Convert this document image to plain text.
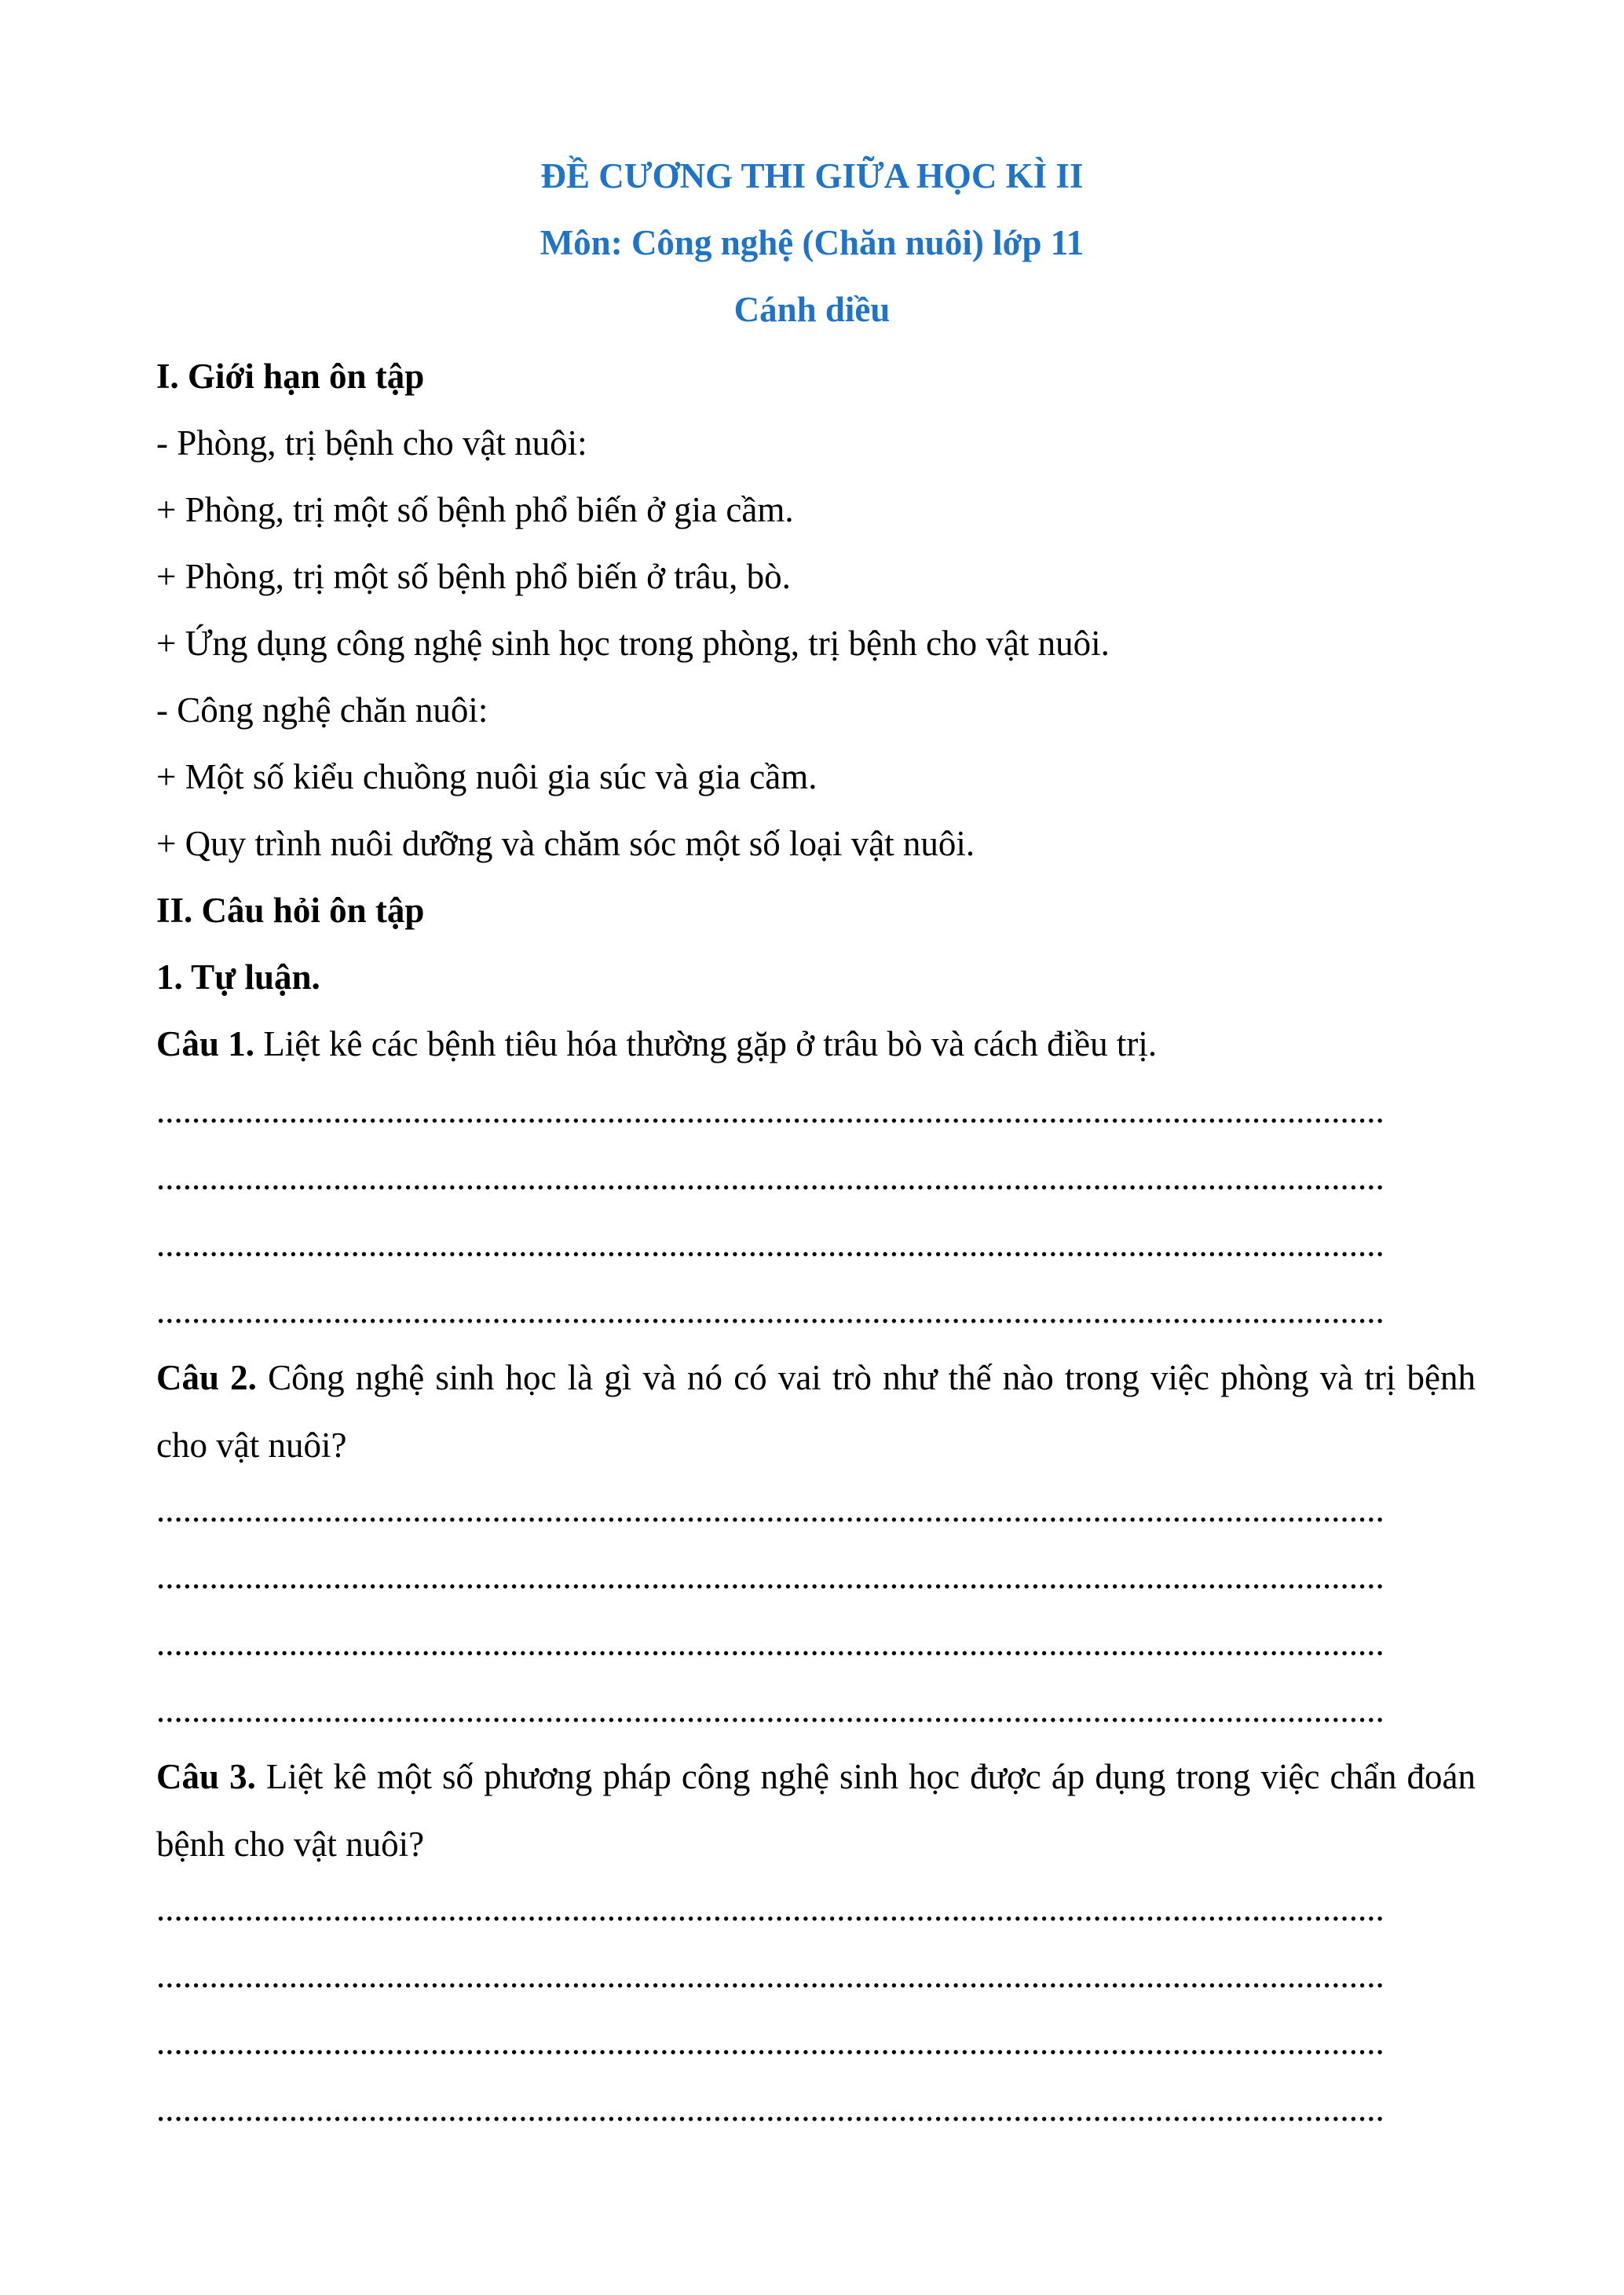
ĐỀ CƯƠNG THI GIỮA HỌC KÌ II
Môn: Công nghệ (Chăn nuôi) lớp 11
Cánh diều
I. Giới hạn ôn tập
- Phòng, trị bệnh cho vật nuôi:
+ Phòng, trị một số bệnh phổ biến ở gia cầm.
+ Phòng, trị một số bệnh phổ biến ở trâu, bò.
+ Ứng dụng công nghệ sinh học trong phòng, trị bệnh cho vật nuôi.
- Công nghệ chăn nuôi:
+ Một số kiểu chuồng nuôi gia súc và gia cầm.
+ Quy trình nuôi dưỡng và chăm sóc một số loại vật nuôi.
II. Câu hỏi ôn tập
1. Tự luận.
Câu 1. Liệt kê các bệnh tiêu hóa thường gặp ở trâu bò và cách điều trị.
...........................................................................................................................................
...........................................................................................................................................
...........................................................................................................................................
...........................................................................................................................................
Câu 2. Công nghệ sinh học là gì và nó có vai trò như thế nào trong việc phòng và trị bệnh cho vật nuôi?
...........................................................................................................................................
...........................................................................................................................................
...........................................................................................................................................
...........................................................................................................................................
Câu 3. Liệt kê một số phương pháp công nghệ sinh học được áp dụng trong việc chẩn đoán bệnh cho vật nuôi?
...........................................................................................................................................
...........................................................................................................................................
...........................................................................................................................................
...........................................................................................................................................
